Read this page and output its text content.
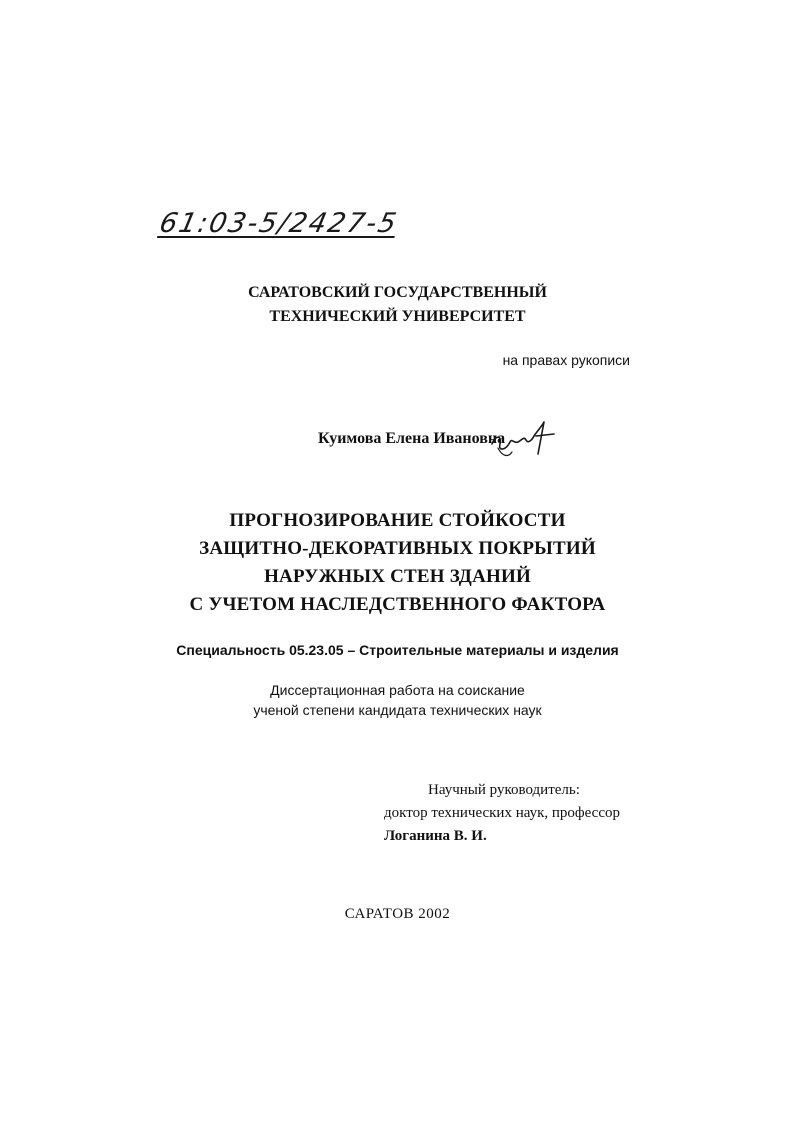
61:03-5/2427-5
САРАТОВСКИЙ ГОСУДАРСТВЕННЫЙ
ТЕХНИЧЕСКИЙ УНИВЕРСИТЕТ
на правах рукописи
Куимова Елена Ивановна
ПРОГНОЗИРОВАНИЕ СТОЙКОСТИ
ЗАЩИТНО-ДЕКОРАТИВНЫХ ПОКРЫТИЙ
НАРУЖНЫХ СТЕН ЗДАНИЙ
С УЧЕТОМ НАСЛЕДСТВЕННОГО ФАКТОРА
Специальность 05.23.05 – Строительные материалы и изделия
Диссертационная работа на соискание
ученой степени кандидата технических наук
Научный руководитель:
доктор технических наук, профессор
Логанина В. И.
САРАТОВ 2002
